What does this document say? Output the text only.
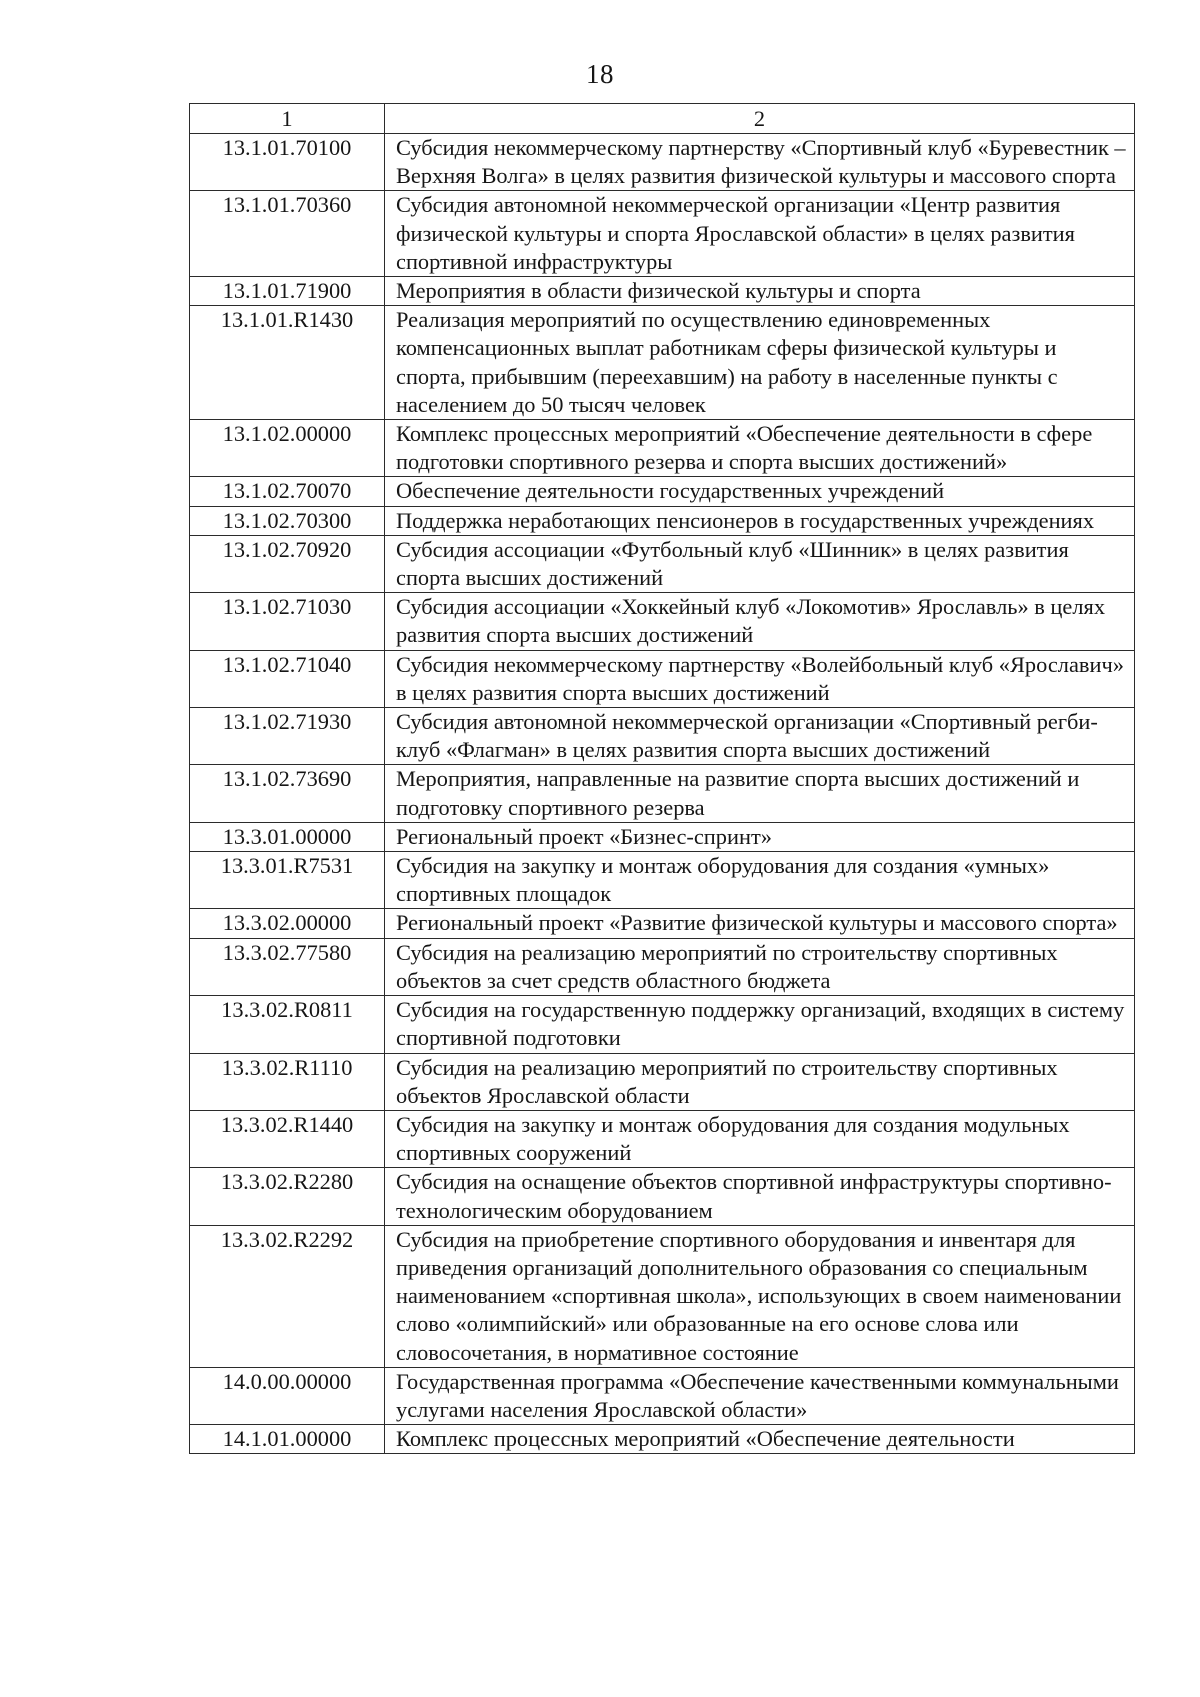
18
1	2
13.1.01.70100	Субсидия некоммерческому партнерству «Спортивный клуб «Буревестник – Верхняя Волга» в целях развития физической культуры и массового спорта
13.1.01.70360	Субсидия автономной некоммерческой организации «Центр развития физической культуры и спорта Ярославской области» в целях развития спортивной инфраструктуры
13.1.01.71900	Мероприятия в области физической культуры и спорта
13.1.01.R1430	Реализация мероприятий по осуществлению единовременных компенсационных выплат работникам сферы физической культуры и спорта, прибывшим (переехавшим) на работу в населенные пункты с населением до 50 тысяч человек
13.1.02.00000	Комплекс процессных мероприятий «Обеспечение деятельности в сфере подготовки спортивного резерва и спорта высших достижений»
13.1.02.70070	Обеспечение деятельности государственных учреждений
13.1.02.70300	Поддержка неработающих пенсионеров в государственных учреждениях
13.1.02.70920	Субсидия ассоциации «Футбольный клуб «Шинник» в целях развития спорта высших достижений
13.1.02.71030	Субсидия ассоциации «Хоккейный клуб «Локомотив» Ярославль» в целях развития спорта высших достижений
13.1.02.71040	Субсидия некоммерческому партнерству «Волейбольный клуб «Ярославич» в целях развития спорта высших достижений
13.1.02.71930	Субсидия автономной некоммерческой организации «Спортивный регби-клуб «Флагман» в целях развития спорта высших достижений
13.1.02.73690	Мероприятия, направленные на развитие спорта высших достижений и подготовку спортивного резерва
13.3.01.00000	Региональный проект «Бизнес-спринт»
13.3.01.R7531	Субсидия на закупку и монтаж оборудования для создания «умных» спортивных площадок
13.3.02.00000	Региональный проект «Развитие физической культуры и массового спорта»
13.3.02.77580	Субсидия на реализацию мероприятий по строительству спортивных объектов за счет средств областного бюджета
13.3.02.R0811	Субсидия на государственную поддержку организаций, входящих в систему спортивной подготовки
13.3.02.R1110	Субсидия на реализацию мероприятий по строительству спортивных объектов Ярославской области
13.3.02.R1440	Субсидия на закупку и монтаж оборудования для создания модульных спортивных сооружений
13.3.02.R2280	Субсидия на оснащение объектов спортивной инфраструктуры спортивно-технологическим оборудованием
13.3.02.R2292	Субсидия на приобретение спортивного оборудования и инвентаря для приведения организаций дополнительного образования со специальным наименованием «спортивная школа», использующих в своем наименовании слово «олимпийский» или образованные на его основе слова или словосочетания, в нормативное состояние
14.0.00.00000	Государственная программа «Обеспечение качественными коммунальными услугами населения Ярославской области»
14.1.01.00000	Комплекс процессных мероприятий «Обеспечение деятельности
